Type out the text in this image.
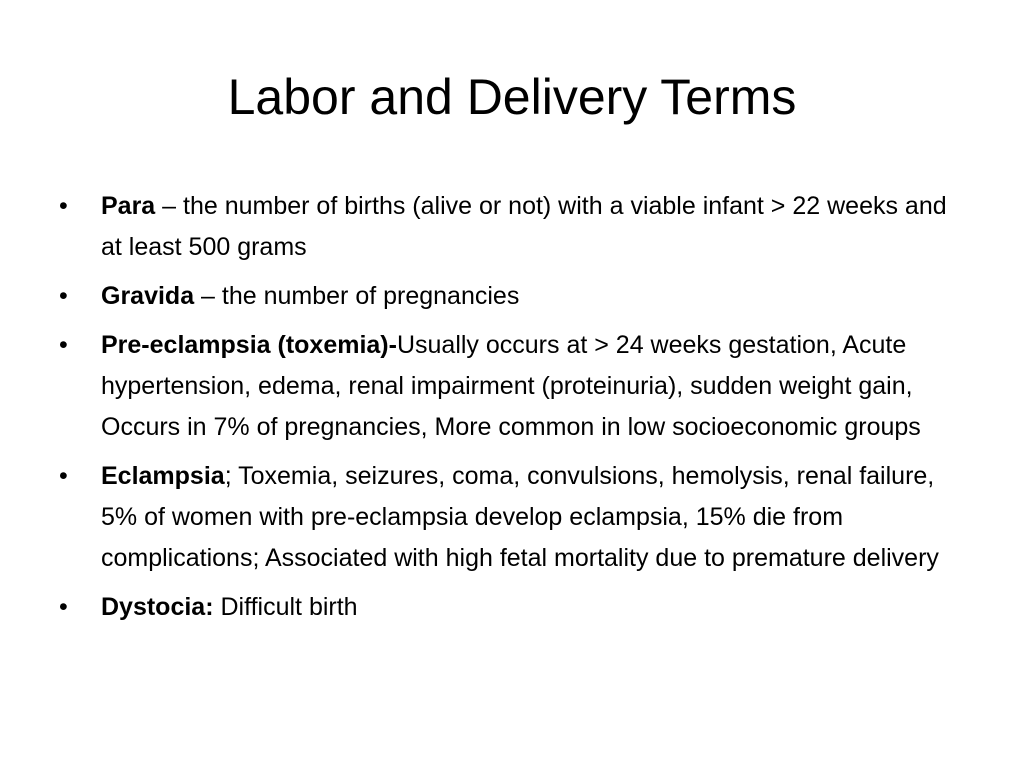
Labor and Delivery Terms
• Para – the number of births (alive or not) with a viable infant > 22 weeks and at least 500 grams
• Gravida – the number of pregnancies
• Pre-eclampsia (toxemia)-Usually occurs at > 24 weeks gestation, Acute hypertension, edema, renal impairment (proteinuria), sudden weight gain, Occurs in 7% of pregnancies, More common in low socioeconomic groups
• Eclampsia; Toxemia, seizures, coma, convulsions, hemolysis, renal failure, 5% of women with pre-eclampsia develop eclampsia, 15% die from complications; Associated with high fetal mortality due to premature delivery
• Dystocia: Difficult birth
